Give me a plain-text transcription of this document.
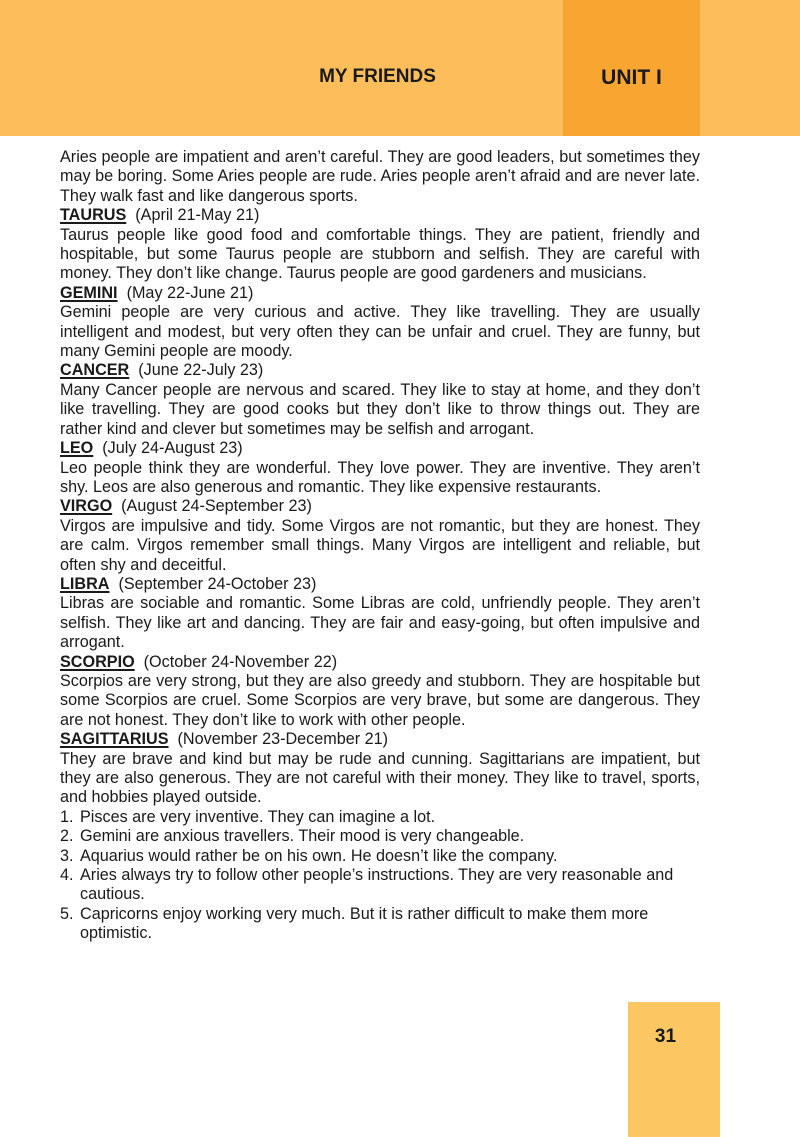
MY FRIENDS	UNIT I

Aries people are impatient and aren’t careful. They are good leaders, but sometimes they may be boring. Some Aries people are rude. Aries people aren’t afraid and are never late. They walk fast and like dangerous sports.

TAURUS (April 21-May 21)

Taurus people like good food and comfortable things. They are patient, friendly and hospitable, but some Taurus people are stubborn and selfish. They are careful with money. They don’t like change. Taurus people are good gardeners and musicians.

GEMINI (May 22-June 21)

Gemini people are very curious and active. They like travelling. They are usually intelligent and modest, but very often they can be unfair and cruel. They are funny, but many Gemini people are moody.

CANCER (June 22-July 23)

Many Cancer people are nervous and scared. They like to stay at home, and they don’t like travelling. They are good cooks but they don’t like to throw things out. They are rather kind and clever but sometimes may be selfish and arrogant.

LEO (July 24-August 23)

Leo people think they are wonderful. They love power. They are inventive. They aren’t shy. Leos are also generous and romantic. They like expensive restaurants.

VIRGO (August 24-September 23)

Virgos are impulsive and tidy. Some Virgos are not romantic, but they are honest. They are calm. Virgos remember small things. Many Virgos are intelligent and reliable, but often shy and deceitful.

LIBRA (September 24-October 23)

Libras are sociable and romantic. Some Libras are cold, unfriendly people. They aren’t selfish. They like art and dancing. They are fair and easy-going, but often impulsive and arrogant.

SCORPIO (October 24-November 22)

Scorpios are very strong, but they are also greedy and stubborn. They are hospitable but some Scorpios are cruel. Some Scorpios are very brave, but some are dangerous. They are not honest. They don’t like to work with other people.

SAGITTARIUS (November 23-December 21)

They are brave and kind but may be rude and cunning. Sagittarians are impatient, but they are also generous. They are not careful with their money. They like to travel, sports, and hobbies played outside.

1. Pisces are very inventive. They can imagine a lot.
2. Gemini are anxious travellers. Their mood is very changeable.
3. Aquarius would rather be on his own. He doesn’t like the company.
4. Aries always try to follow other people’s instructions. They are very reasonable and cautious.
5. Capricorns enjoy working very much. But it is rather difficult to make them more optimistic.
31
